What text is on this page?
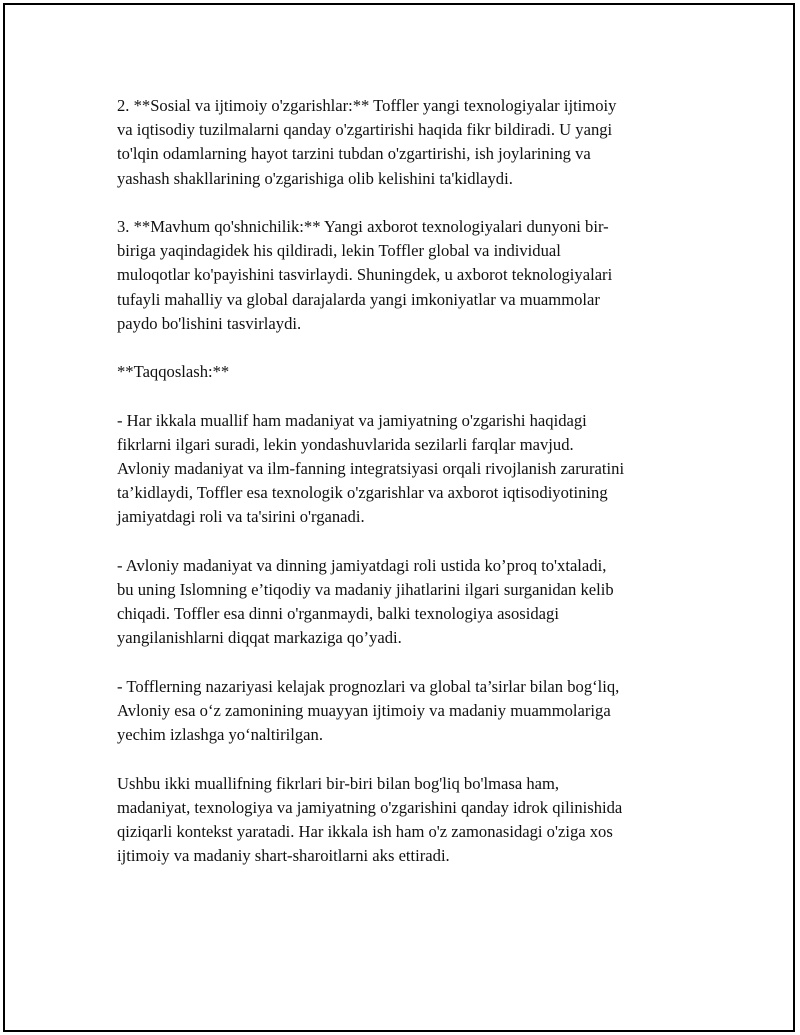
2. **Sosial va ijtimoiy o'zgarishlar:** Toffler yangi texnologiyalar ijtimoiy
va iqtisodiy tuzilmalarni qanday o'zgartirishi haqida fikr bildiradi. U yangi
to'lqin odamlarning hayot tarzini tubdan o'zgartirishi, ish joylarining va
yashash shakllarining o'zgarishiga olib kelishini ta'kidlaydi.

3. **Mavhum qo'shnichilik:** Yangi axborot texnologiyalari dunyoni bir-
biriga yaqindagidek his qildiradi, lekin Toffler global va individual
muloqotlar ko'payishini tasvirlaydi. Shuningdek, u axborot teknologiyalari
tufayli mahalliy va global darajalarda yangi imkoniyatlar va muammolar
paydo bo'lishini tasvirlaydi.

**Taqqoslash:**

- Har ikkala muallif ham madaniyat va jamiyatning o'zgarishi haqidagi
fikrlarni ilgari suradi, lekin yondashuvlarida sezilarli farqlar mavjud.
Avloniy madaniyat va ilm-fanning integratsiyasi orqali rivojlanish zaruratini
ta’kidlaydi, Toffler esa texnologik o'zgarishlar va axborot iqtisodiyotining
jamiyatdagi roli va ta'sirini o'rganadi.

- Avloniy madaniyat va dinning jamiyatdagi roli ustida ko’proq to'xtaladi,
bu uning Islomning e’tiqodiy va madaniy jihatlarini ilgari surganidan kelib
chiqadi. Toffler esa dinni o'rganmaydi, balki texnologiya asosidagi
yangilanishlarni diqqat markaziga qo’yadi.

- Tofflerning nazariyasi kelajak prognozlari va global ta’sirlar bilan bog‘liq,
Avloniy esa o‘z zamonining muayyan ijtimoiy va madaniy muammolariga
yechim izlashga yo‘naltirilgan.

Ushbu ikki muallifning fikrlari bir-biri bilan bog'liq bo'lmasa ham,
madaniyat, texnologiya va jamiyatning o'zgarishini qanday idrok qilinishida
qiziqarli kontekst yaratadi. Har ikkala ish ham o'z zamonasidagi o'ziga xos
ijtimoiy va madaniy shart-sharoitlarni aks ettiradi.
